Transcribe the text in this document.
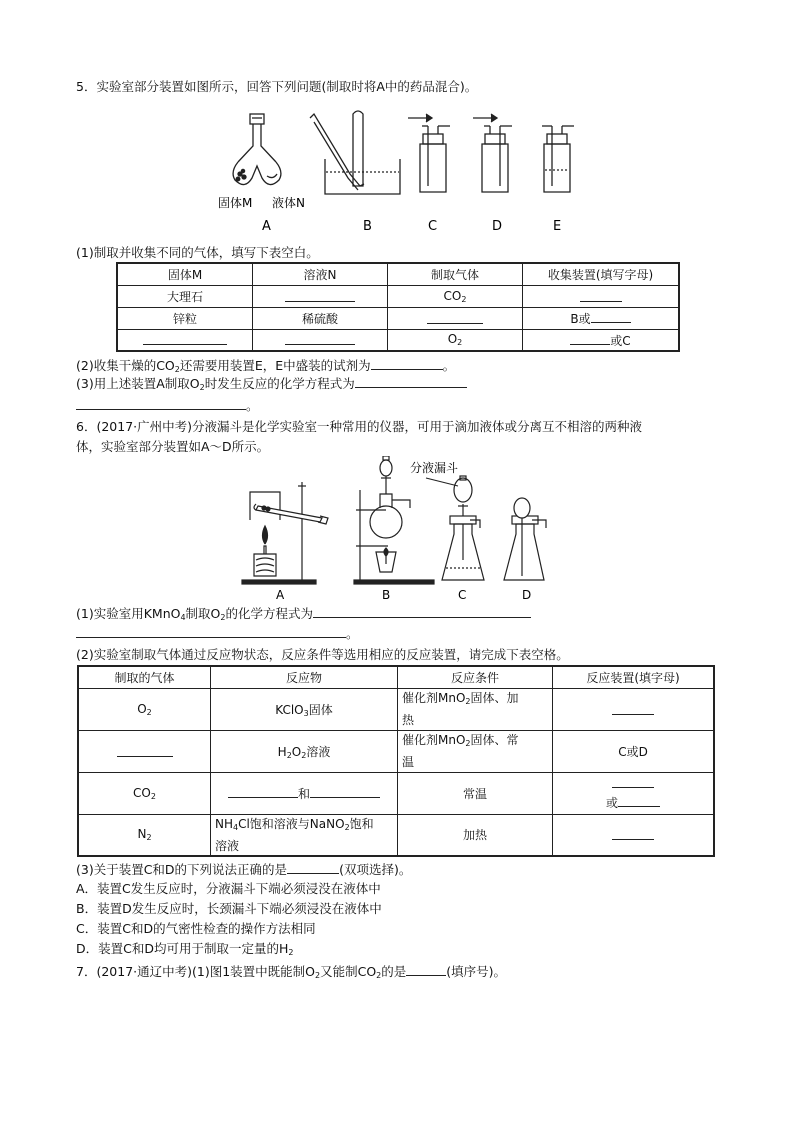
5．实验室部分装置如图所示，回答下列问题(制取时将A中的药品混合)。
固体M 液体N
A	B	C	D	E
(1)制取并收集不同的气体，填写下表空白。
固体M	溶液N	制取气体	收集装置(填写字母)
大理石		$CO_2$	
锌粒	稀硫酸		B或
		$O_2$	或C
(2)收集干燥的$CO_2$还需要用装置E，E中盛装的试剂为	。
(3)用上述装置A制取$O_2$时发生反应的化学方程式为
。
6．(2017·广州中考)分液漏斗是化学实验室一种常用的仪器，可用于滴加液体或分离互不相溶的两种液
体，实验室部分装置如A～D所示。
分液漏斗
A	B	C	D
(1)实验室用KMnO$_4$制取$O_2$的化学方程式为
。
(2)实验室制取气体通过反应物状态，反应条件等选用相应的反应装置，请完成下表空格。
制取的气体	反应物	反应条件	反应装置(填字母)
$O_2$	KClO$_3$固体	催化剂MnO$_2$固体、加
热	
	$H_2O_2$溶液	催化剂MnO$_2$固体、常
温	C或D
$CO_2$	和	常温	或
$N_2$	$NH_4Cl$饱和溶液与NaNO$_2$饱和
溶液	加热	
(3)关于装置C和D的下列说法正确的是	(双项选择)。
A．装置C发生反应时，分液漏斗下端必须浸没在液体中
B．装置D发生反应时，长颈漏斗下端必须浸没在液体中
C．装置C和D的气密性检查的操作方法相同
D．装置C和D均可用于制取一定量的$H_2$
7．(2017·通辽中考)(1)图1装置中既能制$O_2$又能制$CO_2$的是	(填序号)。
